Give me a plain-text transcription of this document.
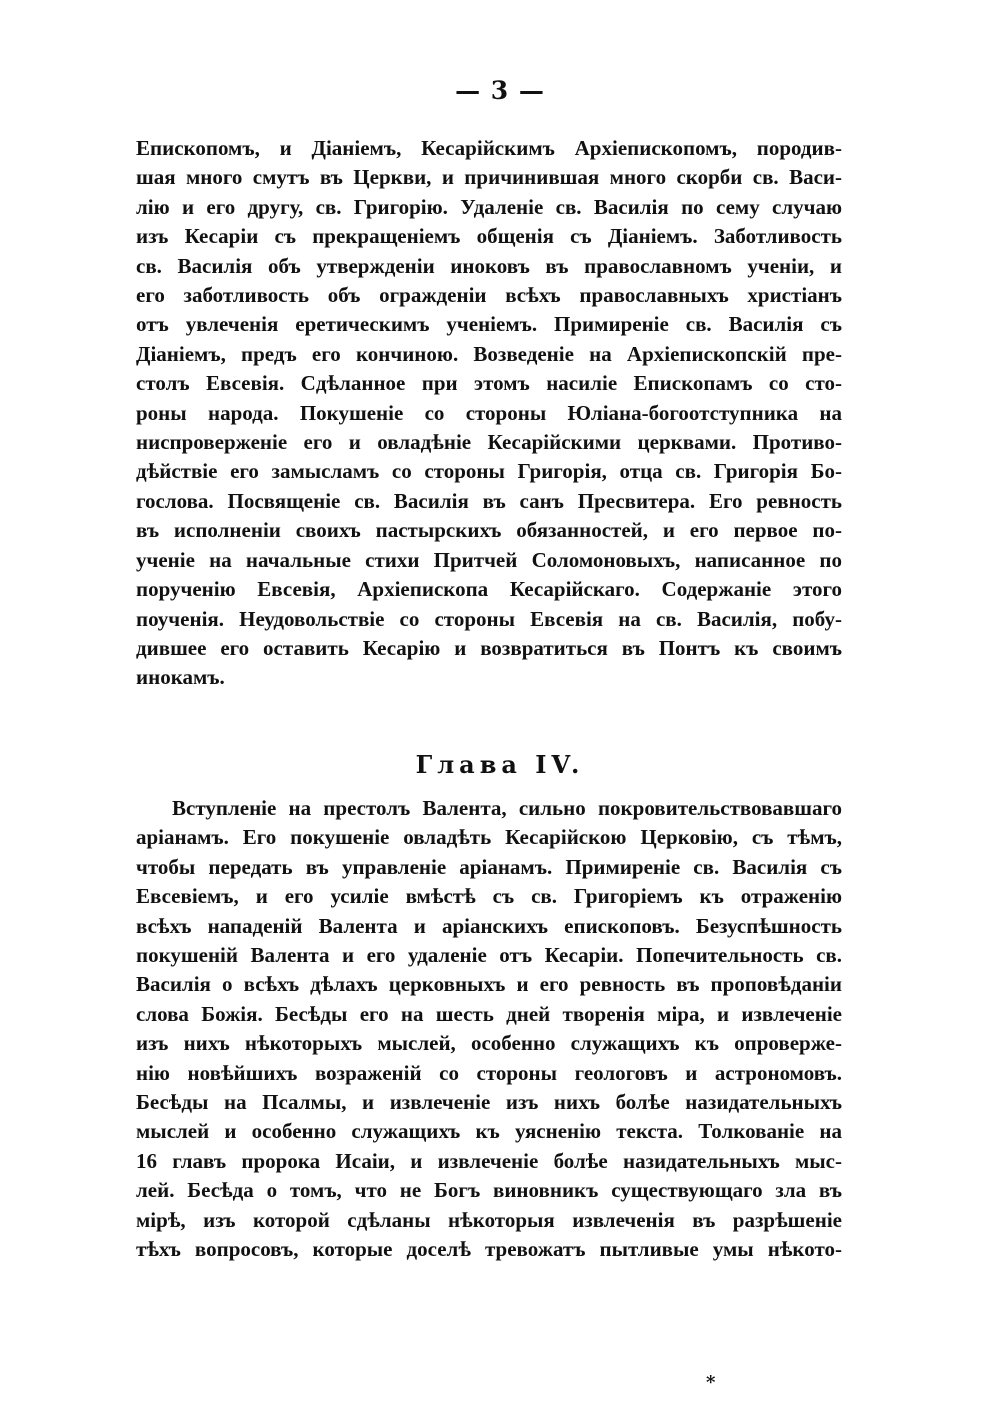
— 3 —
Епископомъ, и Діаніемъ, Кесарійскимъ Архіепископомъ, породив-
шая много смутъ въ Церкви, и причинившая много скорби св. Васи-
лію и его другу, св. Григорію. Удаленіе св. Василія по сему случаю
изъ Кесаріи съ прекращеніемъ общенія съ Діаніемъ. Заботливость
св. Василія объ утвержденіи иноковъ въ православномъ ученіи, и
его заботливость объ огражденіи всѣхъ православныхъ христіанъ
отъ увлеченія еретическимъ ученіемъ. Примиреніе св. Василія съ
Діаніемъ, предъ его кончиною. Возведеніе на Архіепископскій пре-
столъ Евсевія. Сдѣланное при этомъ насиліе Епископамъ со сто-
роны народа. Покушеніе со стороны Юліана-богоотступника на
ниспроверженіе его и овладѣніе Кесарійскими церквами. Противо-
дѣйствіе его замысламъ со стороны Григорія, отца св. Григорія Бо-
гослова. Посвященіе св. Василія въ санъ Пресвитера. Его ревность
въ исполненіи своихъ пастырскихъ обязанностей, и его первое по-
ученіе на начальные стихи Притчей Соломоновыхъ, написанное по
порученію Евсевія, Архіепископа Кесарійскаго. Содержаніе этого
поученія. Неудовольствіе со стороны Евсевія на св. Василія, побу-
дившее его оставить Кесарію и возвратиться въ Понтъ къ своимъ
инокамъ.
Глава IV.
Вступленіе на престолъ Валента, сильно покровительствовавшаго
аріанамъ. Его покушеніе овладѣть Кесарійскою Церковію, съ тѣмъ,
чтобы передать въ управленіе аріанамъ. Примиреніе св. Василія съ
Евсевіемъ, и его усиліе вмѣстѣ съ св. Григоріемъ къ отраженію
всѣхъ нападеній Валента и аріанскихъ епископовъ. Безуспѣшность
покушеній Валента и его удаленіе отъ Кесаріи. Попечительность св.
Василія о всѣхъ дѣлахъ церковныхъ и его ревность въ проповѣданіи
слова Божія. Бесѣды его на шесть дней творенія міра, и извлеченіе
изъ нихъ нѣкоторыхъ мыслей, особенно служащихъ къ опроверже-
нію новѣйшихъ возраженій со стороны геологовъ и астрономовъ.
Бесѣды на Псалмы, и извлеченіе изъ нихъ болѣе назидательныхъ
мыслей и особенно служащихъ къ уясненію текста. Толкованіе на
16 главъ пророка Исаіи, и извлеченіе болѣе назидательныхъ мыс-
лей. Бесѣда о томъ, что не Богъ виновникъ существующаго зла въ
мірѣ, изъ которой сдѣланы нѣкоторыя извлеченія въ разрѣшеніе
тѣхъ вопросовъ, которые доселѣ тревожатъ пытливые умы нѣкото-
*
